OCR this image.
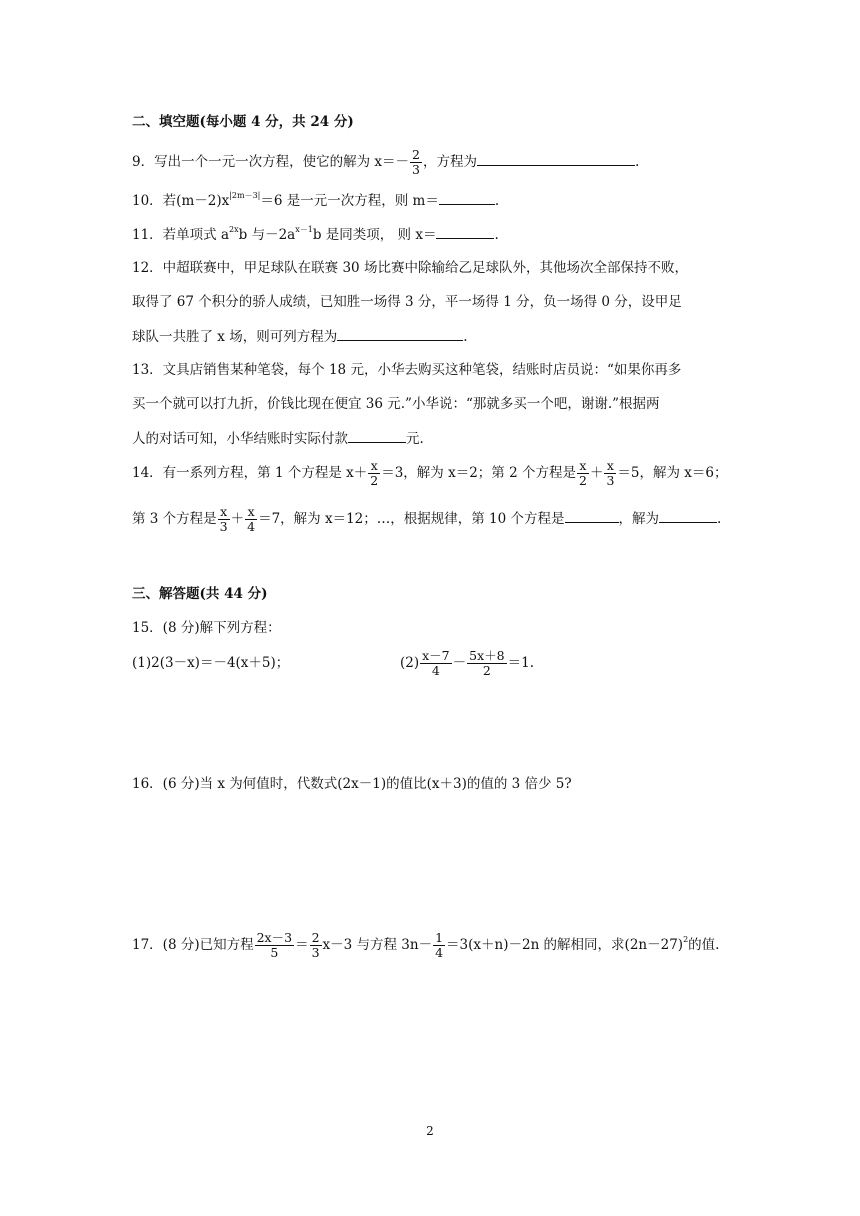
二、填空题(每小题 4 分，共 24 分)
9．写出一个一元一次方程，使它的解为 $x=- \frac{2}{3}$ ，方程为	.
10．若$(m-2)x^{|2m-3|}=6$ 是一元一次方程，则 m＝	.
11．若单项式 $a^{2x}b$ 与$-2a^{x-1}b$ 是同类项， 则 x＝	.
12．中超联赛中，甲足球队在联赛 30 场比赛中除输给乙足球队外，其他场次全部保持不败，
取得了 67 个积分的骄人成绩，已知胜一场得 3 分，平一场得 1 分，负一场得 0 分，设甲足
球队一共胜了 x 场，则可列方程为	.
13．文具店销售某种笔袋，每个 18 元，小华去购买这种笔袋，结账时店员说：“如果你再多
买一个就可以打九折，价钱比现在便宜 36 元.”小华说：“那就多买一个吧，谢谢.”根据两
人的对话可知，小华结账时实际付款	元.
14．有一系列方程，第 1 个方程是 $x+ \frac{x}{2} =3$，解为 x＝2；第 2 个方程是 $\frac{x}{2} + \frac{x}{3} =5$，解为 x＝6；
第 3 个方程是 $\frac{x}{3} + \frac{x}{4} =7$，解为 x＝12；…，根据规律，第 10 个方程是	，解为	.
三、解答题(共 44 分)
15．(8 分)解下列方程：
(1)2(3－x)＝－4(x＋5)；	$(2) \frac{x-7}{4} - \frac{5x+8}{2} =1$.
16．(6 分)当 x 为何值时，代数式(2x－1)的值比(x＋3)的值的 3 倍少 5?
17．(8 分)已知方程 $\frac{2x-3}{5} = \frac{2}{3} x-3$ 与方程 $3n- \frac{1}{4} =3(x+n)-2n$ 的解相同，求$(2n-27)^2$的值.
2
